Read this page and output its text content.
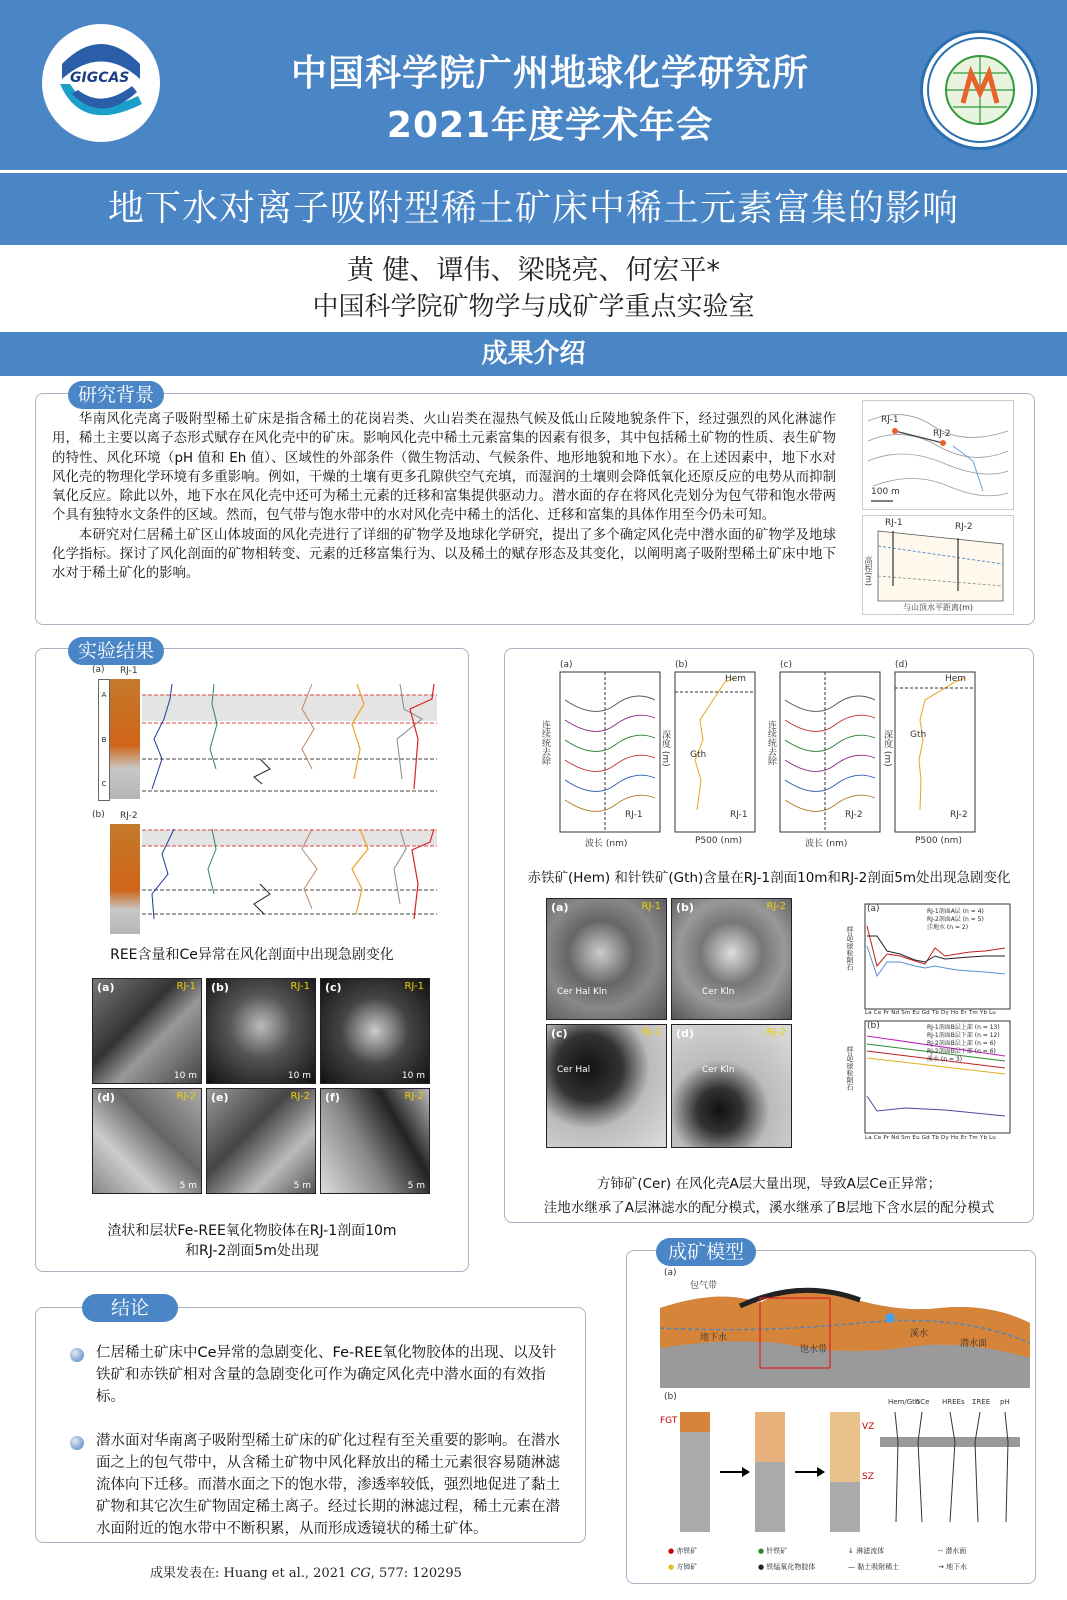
GIGCAS	中国科学院广州地球化学研究所
2021年度学术年会
地下水对离子吸附型稀土矿床中稀土元素富集的影响
黄 健、谭伟、梁晓亮、何宏平*
中国科学院矿物学与成矿学重点实验室
成果介绍
研究背景

华南风化壳离子吸附型稀土矿床是指含稀土的花岗岩类、火山岩类在湿热气候及低山丘陵地貌条件下，经过强烈的风化淋滤作用，稀土主要以离子态形式赋存在风化壳中的矿床。影响风化壳中稀土元素富集的因素有很多，其中包括稀土矿物的性质、表生矿物的特性、风化环境（pH 值和 Eh 值）、区域性的外部条件（微生物活动、气候条件、地形地貌和地下水）。在上述因素中，地下水对风化壳的物理化学环境有多重影响。例如，干燥的土壤有更多孔隙供空气充填，而湿润的土壤则会降低氧化还原反应的电势从而抑制氧化反应。除此以外，地下水在风化壳中还可为稀土元素的迁移和富集提供驱动力。潜水面的存在将风化壳划分为包气带和饱水带两个具有独特水文条件的区域。然而，包气带与饱水带中的水对风化壳中稀土的活化、迁移和富集的具体作用至今仍未可知。

本研究对仁居稀土矿区山体坡面的风化壳进行了详细的矿物学及地球化学研究，提出了多个确定风化壳中潜水面的矿物学及地球化学指标。探讨了风化剖面的矿物相转变、元素的迁移富集行为、以及稀土的赋存形态及其变化，以阐明离子吸附型稀土矿床中地下水对于稀土矿化的影响。

RJ-1
RJ-2
100 m
RJ-1	RJ-2
与山顶水平距离(m)
高程(m)
实验结果
(a) RJ-1
A
B
C
(b) RJ-2
REE含量和Ce异常在风化剖面中出现急剧变化
(a)	RJ-1
10 m
(b)	RJ-1
10 m
(c)	RJ-1
10 m
(d)	RJ-2
5 m
(e)	RJ-2
5 m
(f)	RJ-2
5 m
渣状和层状Fe-REE氧化物胶体在RJ-1剖面10m
和RJ-2剖面5m处出现
(a)	(b)	(c)	(d)
波长 (nm)	P500 (nm)	波长 (nm)	P500 (nm)
Hem
Gth
Hem
Gth
RJ-1	RJ-1	RJ-2	RJ-2
连续统去除	深度 (m)	连续统去除	深度 (m)
赤铁矿(Hem) 和针铁矿(Gth)含量在RJ-1剖面10m和RJ-2剖面5m处出现急剧变化
(a)	RJ-1
Cer Hal Kln
(b)	RJ-2
Cer Kln
(c)	RJ-1
Cer Hal
(d)	RJ-2
Cer Kln
(a)
(b)
RJ-1剖面A层 (n = 4)
RJ-2剖面A层 (n = 5)
洼地水 (n = 2)
RJ-1剖面B层上部 (n = 13)
RJ-1剖面B层下部 (n = 12)
RJ-2剖面B层上部 (n = 6)
RJ-2剖面B层下部 (n = 6)
溪水 (n = 3)
La Ce Pr Nd Sm Eu Gd Tb Dy Ho Er Tm Yb Lu
La Ce Pr Nd Sm Eu Gd Tb Dy Ho Er Tm Yb Lu
样品/球粒陨石
样品/球粒陨石
方铈矿(Cer) 在风化壳A层大量出现，导致A层Ce正异常；
洼地水继承了A层淋滤水的配分模式，溪水继承了B层地下含水层的配分模式
结论
仁居稀土矿床中Ce异常的急剧变化、Fe-REE氧化物胶体的出现、以及针铁矿和赤铁矿相对含量的急剧变化可作为确定风化壳中潜水面的有效指标。
潜水面对华南离子吸附型稀土矿床的矿化过程有至关重要的影响。在潜水面之上的包气带中，从含稀土矿物中风化释放出的稀土元素很容易随淋滤流体向下迁移。而潜水面之下的饱水带，渗透率较低，强烈地促进了黏土矿物和其它次生矿物固定稀土离子。经过长期的淋滤过程，稀土元素在潜水面附近的饱水带中不断积累，从而形成透镜状的稀土矿体。
成矿模型
(a)
包气带
溪水
饱水带
潜水面
地下水
(b)
FGT
VZ
SZ
Hem/Gth
δCe HREEs ΣREE pH
● 赤铁矿	● 针铁矿	↓ 淋滤流体	‐‐ 潜水面
● 方铈矿	● 铁锰氧化物胶体	— 黏土吸附稀土	→ 地下水
成果发表在: Huang et al., 2021 CG, 577: 120295
